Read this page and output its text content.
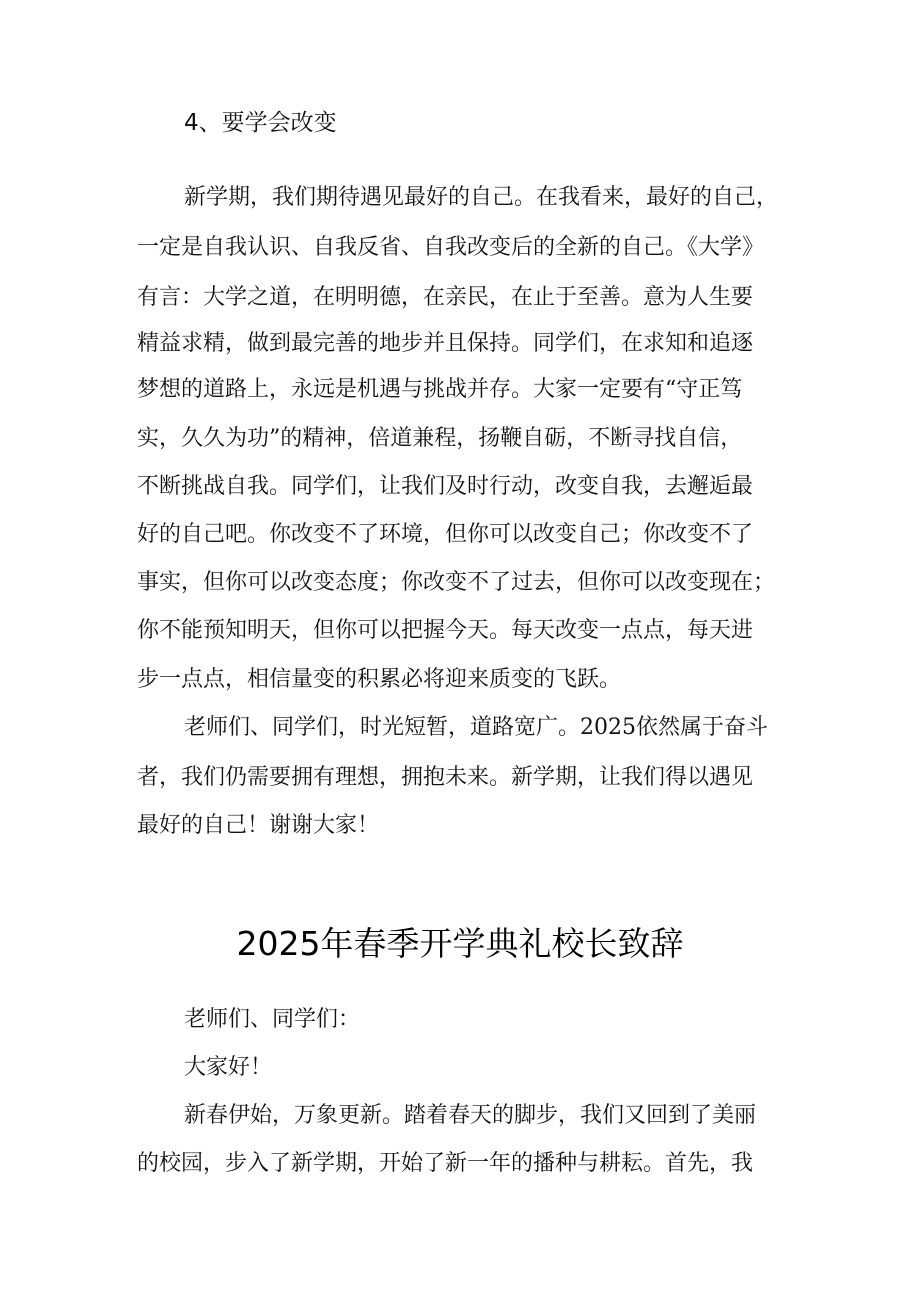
4、要学会改变

新学期，我们期待遇见最好的自己。在我看来，最好的自己，

一定是自我认识、自我反省、自我改变后的全新的自己。《大学》

有言：大学之道，在明明德，在亲民，在止于至善。意为人生要

精益求精，做到最完善的地步并且保持。同学们，在求知和追逐

梦想的道路上，永远是机遇与挑战并存。大家一定要有“守正笃

实，久久为功”的精神，倍道兼程，扬鞭自砺，不断寻找自信，

不断挑战自我。同学们，让我们及时行动，改变自我，去邂逅最

好的自己吧。你改变不了环境，但你可以改变自己；你改变不了

事实，但你可以改变态度；你改变不了过去，但你可以改变现在；

你不能预知明天，但你可以把握今天。每天改变一点点，每天进

步一点点，相信量变的积累必将迎来质变的飞跃。

老师们、同学们，时光短暂，道路宽广。2025依然属于奋斗

者，我们仍需要拥有理想，拥抱未来。新学期，让我们得以遇见

最好的自己！谢谢大家！

2025年春季开学典礼校长致辞

老师们、同学们：

大家好！

新春伊始，万象更新。踏着春天的脚步，我们又回到了美丽

的校园，步入了新学期，开始了新一年的播种与耕耘。首先，我
